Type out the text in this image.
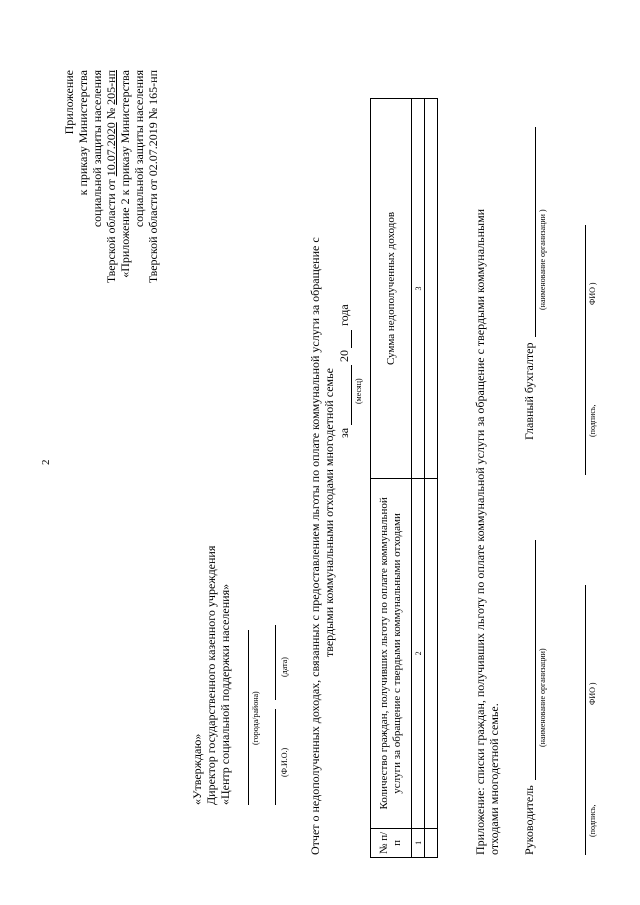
2
Приложение к приказу Министерства социальной защиты населения
Тверской области от 10.07.2020 № 205-нп «Приложение 2 к приказу Министерства социальной защиты населения Тверской области от 02.07.2019 № 165-нп
«Утверждаю» Директор государственного казенного учреждения «Центр социальной поддержки населения» (города/района)
(Ф.И.О.)
(дата) Отчет о недополученных доходах, связанных с предоставлением льготы по оплате коммунальной услуги за обращение с твердыми коммунальными отходами многодетной семье за
20
года
(месяц)
№ п/п	Количество граждан, получивших льготу по оплате коммунальной услуги за обращение с твердыми коммунальными отходами	Сумма недополученных доходов
1	2	3
			Приложение: списки граждан, получивших льготу по оплате коммунальной услуги за обращение с твердыми коммунальными отходами многодетной семье. Руководитель
(наименование организации)
(подпись,
ФИО )
Главный бухгалтер
(наименование организации )
(подпись,
ФИО )
